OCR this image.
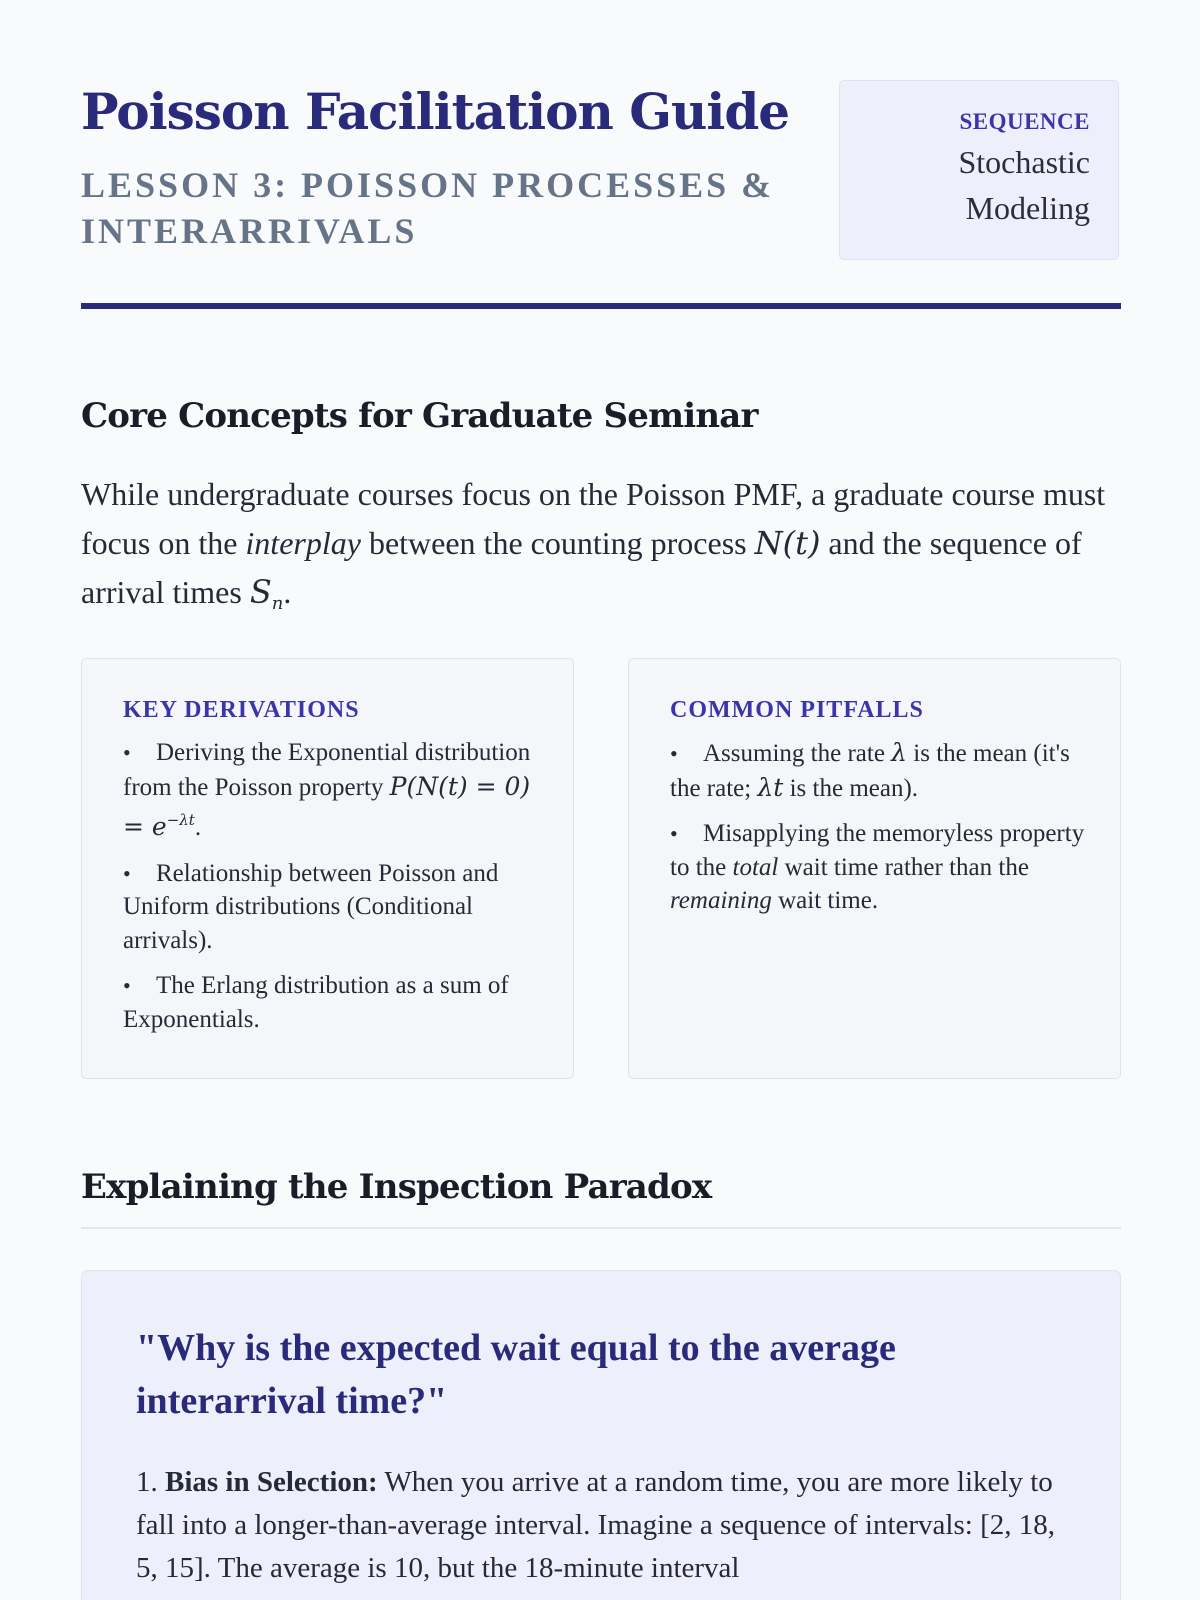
Poisson Facilitation Guide
LESSON 3: POISSON PROCESSES & INTERARRIVALS
SEQUENCE
Stochastic Modeling
Core Concepts for Graduate Seminar

While undergraduate courses focus on the Poisson PMF, a graduate course must focus on the interplay between the counting process N(t) and the sequence of arrival times $S_n$.

KEY DERIVATIONS
• Deriving the Exponential distribution from the Poisson property $P(N(t) = 0) = e^{-\lambda t}$.
• Relationship between Poisson and Uniform distributions (Conditional arrivals).
• The Erlang distribution as a sum of Exponentials.
COMMON PITFALLS
• Assuming the rate λ is the mean (it's the rate; λt is the mean).
• Misapplying the memoryless property to the total wait time rather than the remaining wait time.
Explaining the Inspection Paradox

"Why is the expected wait equal to the average interarrival time?"

1. Bias in Selection: When you arrive at a random time, you are more likely to fall into a longer-than-average interval. Imagine a sequence of intervals: [2, 18, 5, 15]. The average is 10, but the 18-minute interval
